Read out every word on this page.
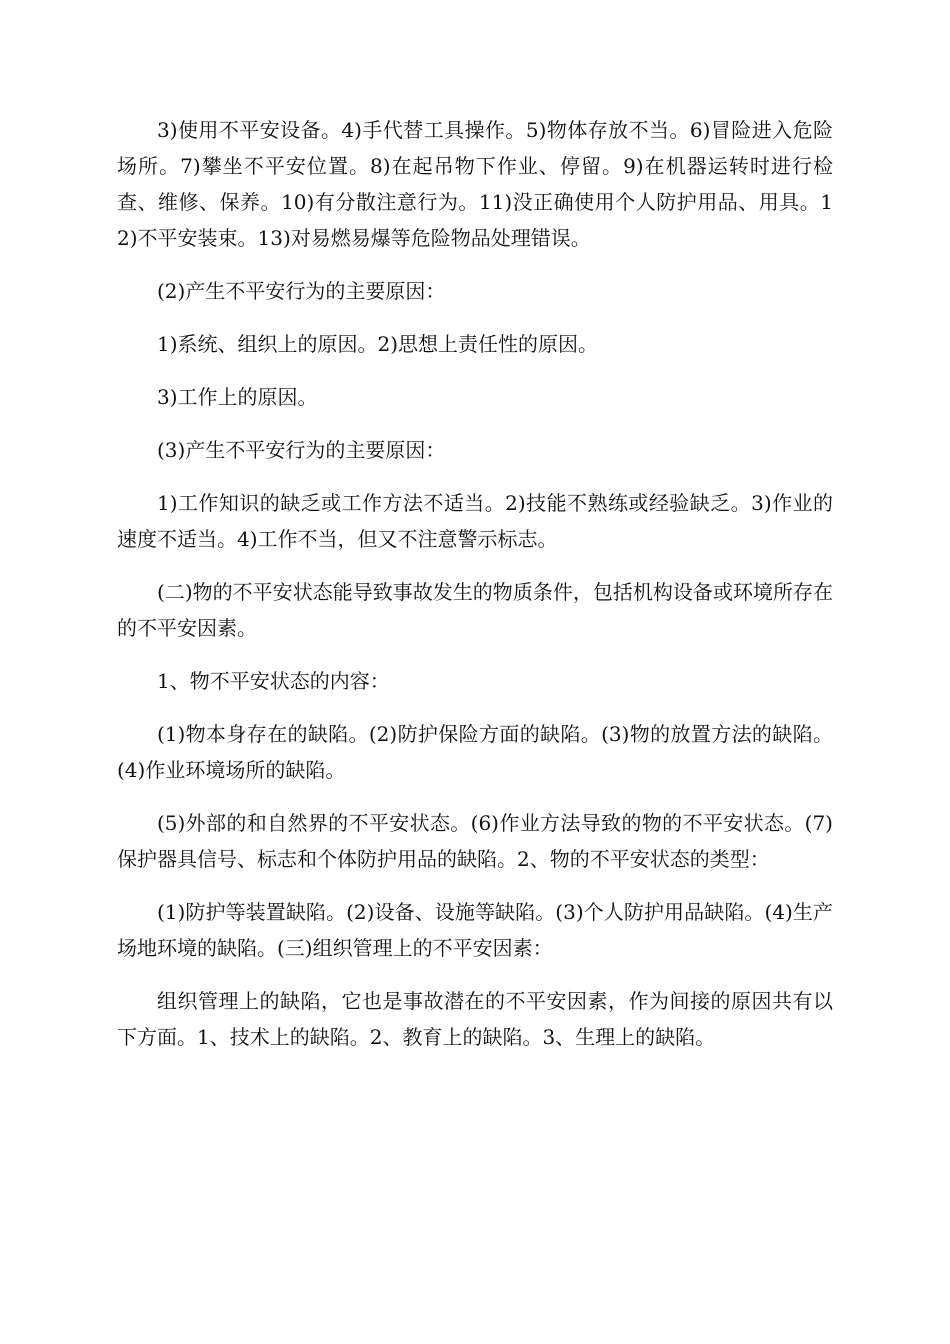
3)使用不平安设备。4)手代替工具操作。5)物体存放不当。6)冒险进入危险场所。7)攀坐不平安位置。8)在起吊物下作业、停留。9)在机器运转时进行检查、维修、保养。10)有分散注意行为。11)没正确使用个人防护用品、用具。12)不平安装束。13)对易燃易爆等危险物品处理错误。

(2)产生不平安行为的主要原因：

1)系统、组织上的原因。2)思想上责任性的原因。

3)工作上的原因。

(3)产生不平安行为的主要原因：

1)工作知识的缺乏或工作方法不适当。2)技能不熟练或经验缺乏。3)作业的速度不适当。4)工作不当，但又不注意警示标志。

(二)物的不平安状态能导致事故发生的物质条件，包括机构设备或环境所存在的不平安因素。

1、物不平安状态的内容：

(1)物本身存在的缺陷。(2)防护保险方面的缺陷。(3)物的放置方法的缺陷。(4)作业环境场所的缺陷。

(5)外部的和自然界的不平安状态。(6)作业方法导致的物的不平安状态。(7)保护器具信号、标志和个体防护用品的缺陷。2、物的不平安状态的类型：

(1)防护等装置缺陷。(2)设备、设施等缺陷。(3)个人防护用品缺陷。(4)生产场地环境的缺陷。(三)组织管理上的不平安因素：

组织管理上的缺陷，它也是事故潜在的不平安因素，作为间接的原因共有以下方面。1、技术上的缺陷。2、教育上的缺陷。3、生理上的缺陷。
